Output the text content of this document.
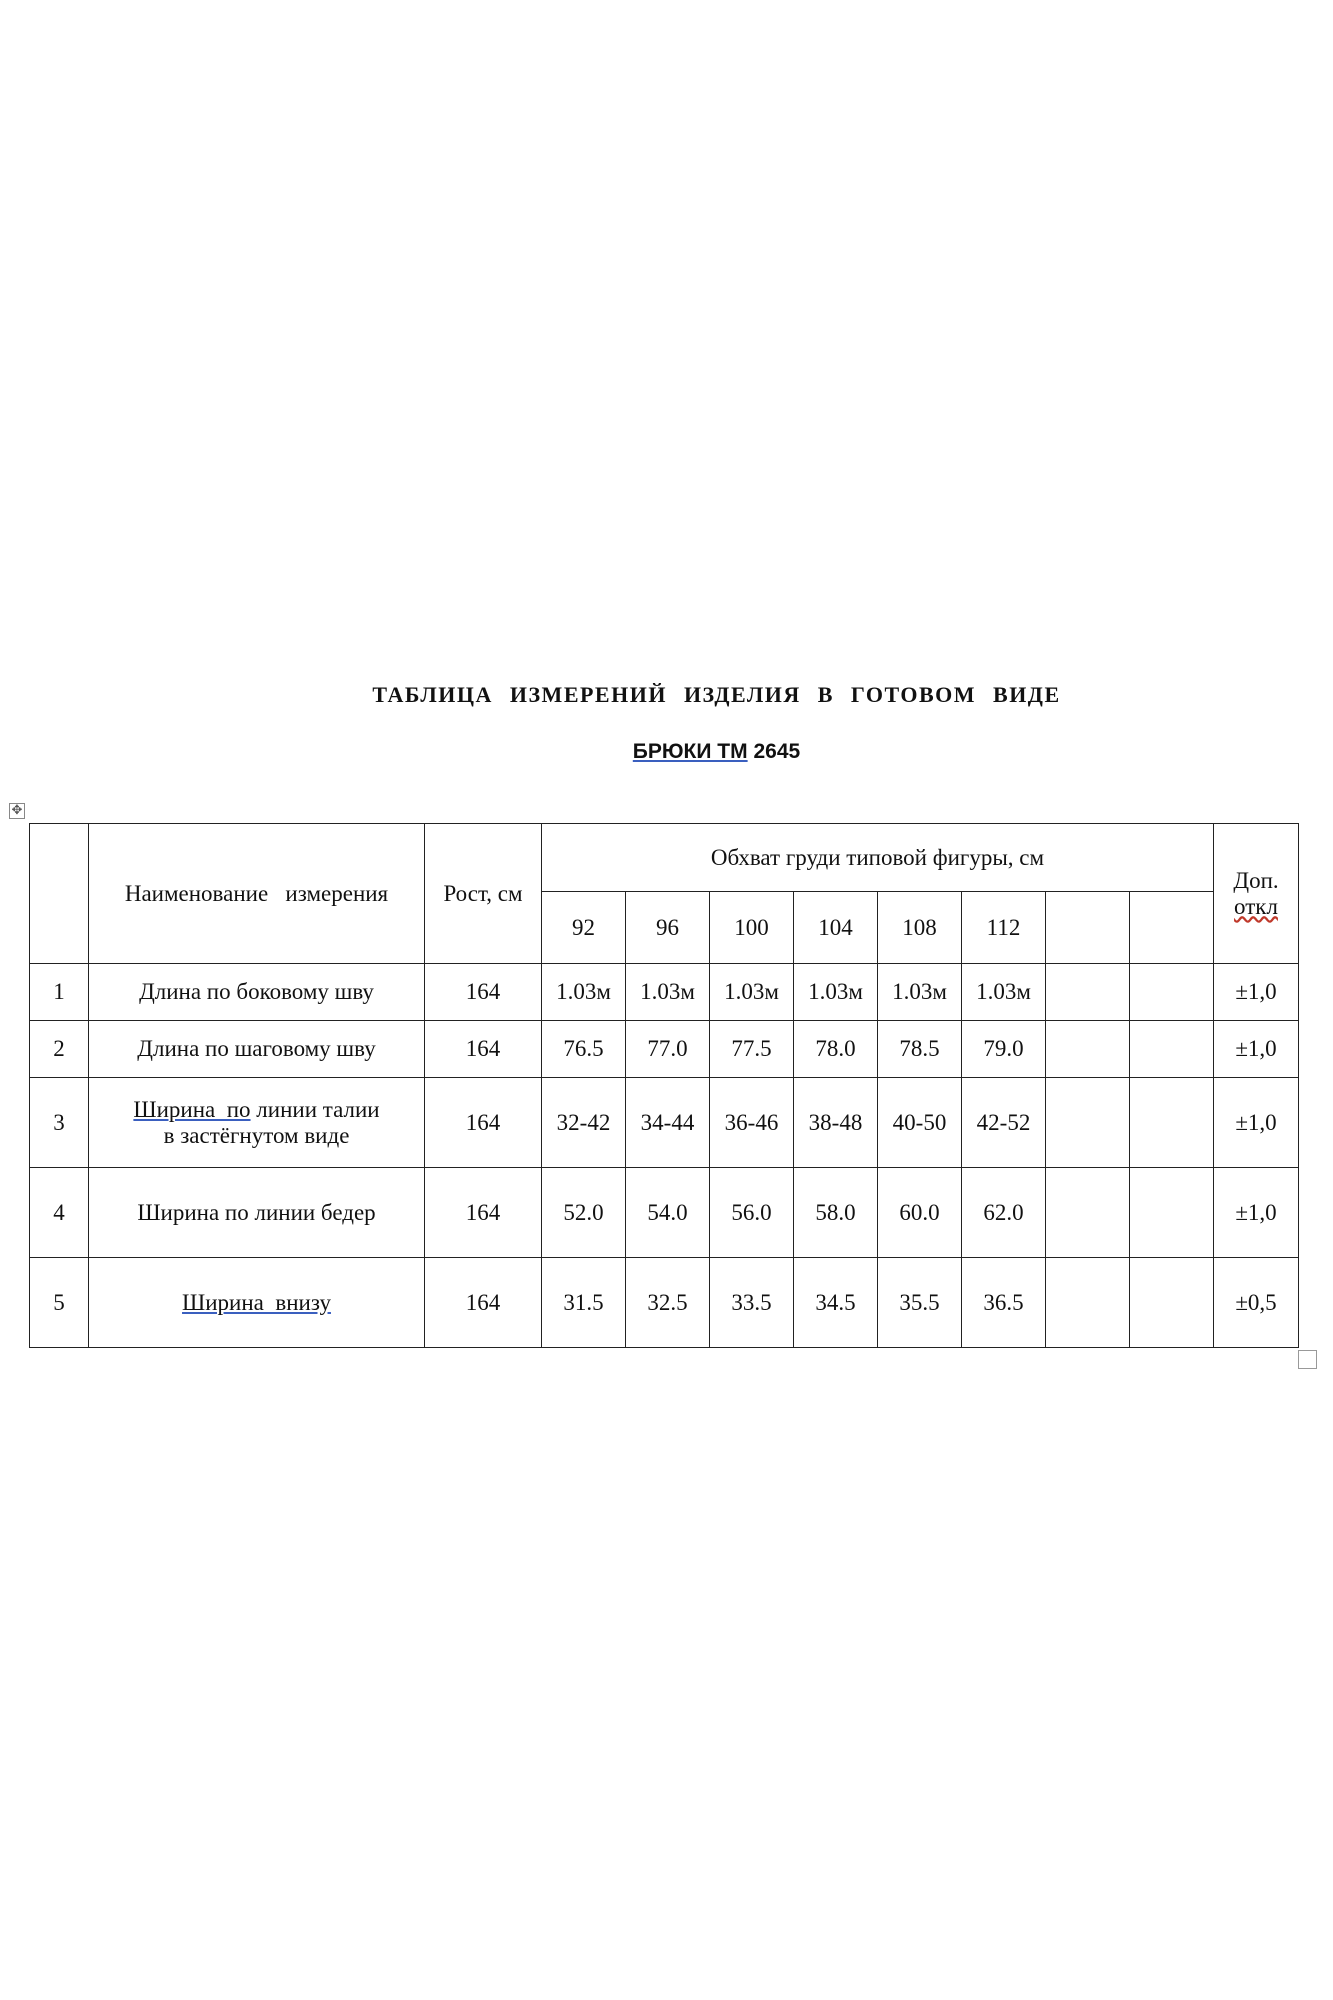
ТАБЛИЦА ИЗМЕРЕНИЙ ИЗДЕЛИЯ В ГОТОВОМ ВИДЕ
БРЮКИ ТМ 2645
✥
	Наименование   измерения	Рост, см	Обхват груди типовой фигуры, см								Доп.
откл

			92	96	100	104	108	112			
1	Длина по боковому шву	164	1.03м	1.03м	1.03м	1.03м	1.03м	1.03м			±1,0
2	Длина по шаговому шву	164	76.5	77.0	77.5	78.0	78.5	79.0			±1,0
3	Ширина  по линии талии
в застёгнутом виде	164	32-42	34-44	36-46	38-48	40-50	42-52			±1,0
4	Ширина по линии бедер	164	52.0	54.0	56.0	58.0	60.0	62.0			±1,0
5	Ширина  внизу	164	31.5	32.5	33.5	34.5	35.5	36.5			±0,5
